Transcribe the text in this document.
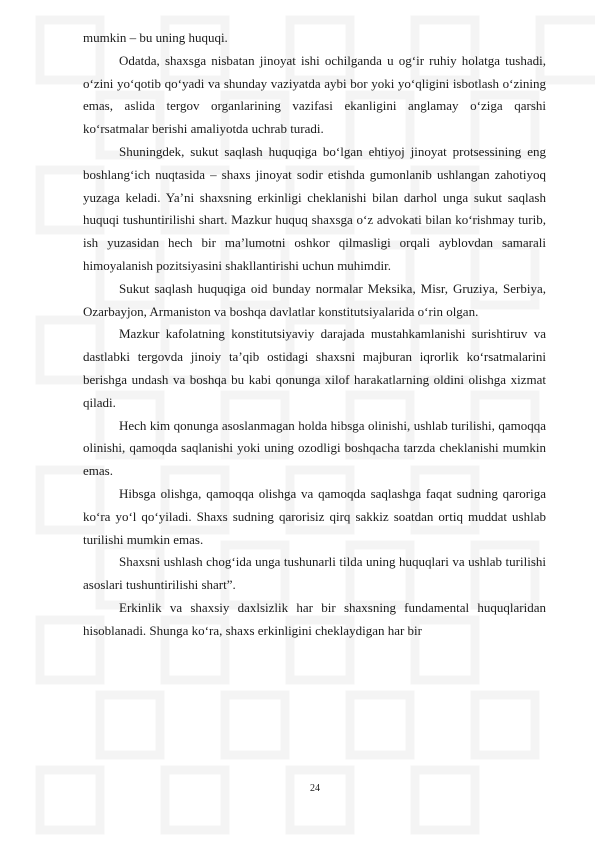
mumkin – bu uning huquqi.

Odatda, shaxsga nisbatan jinoyat ishi ochilganda u og‘ir ruhiy holatga tushadi, o‘zini yo‘qotib qo‘yadi va shunday vaziyatda aybi bor yoki yo‘qligini isbotlash o‘zining emas, aslida tergov organlarining vazifasi ekanligini anglamay o‘ziga qarshi ko‘rsatmalar berishi amaliyotda uchrab turadi.

Shuningdek, sukut saqlash huquqiga bo‘lgan ehtiyoj jinoyat protsessining eng boshlang‘ich nuqtasida – shaxs jinoyat sodir etishda gumonlanib ushlangan zahotiyoq yuzaga keladi. Ya’ni shaxsning erkinligi cheklanishi bilan darhol unga sukut saqlash huquqi tushuntirilishi shart. Mazkur huquq shaxsga o‘z advokati bilan ko‘rishmay turib, ish yuzasidan hech bir ma’lumotni oshkor qilmasligi orqali ayblovdan samarali himoyalanish pozitsiyasini shakllantirishi uchun muhimdir.

Sukut saqlash huquqiga oid bunday normalar Meksika, Misr, Gruziya, Serbiya, Ozarbayjon, Armaniston va boshqa davlatlar konstitutsiyalarida o‘rin olgan.

Mazkur kafolatning konstitutsiyaviy darajada mustahkamlanishi surishtiruv va dastlabki tergovda jinoiy ta’qib ostidagi shaxsni majburan iqrorlik ko‘rsatmalarini berishga undash va boshqa bu kabi qonunga xilof harakatlarning oldini olishga xizmat qiladi.

Hech kim qonunga asoslanmagan holda hibsga olinishi, ushlab turilishi, qamoqqa olinishi, qamoqda saqlanishi yoki uning ozodligi boshqacha tarzda cheklanishi mumkin emas.

Hibsga olishga, qamoqqa olishga va qamoqda saqlashga faqat sudning qaroriga ko‘ra yo‘l qo‘yiladi. Shaxs sudning qarorisiz qirq sakkiz soatdan ortiq muddat ushlab turilishi mumkin emas.

Shaxsni ushlash chog‘ida unga tushunarli tilda uning huquqlari va ushlab turilishi asoslari tushuntirilishi shart”.

Erkinlik va shaxsiy daxlsizlik har bir shaxsning fundamental huquqlaridan hisoblanadi. Shunga ko‘ra, shaxs erkinligini cheklaydigan har bir

24
